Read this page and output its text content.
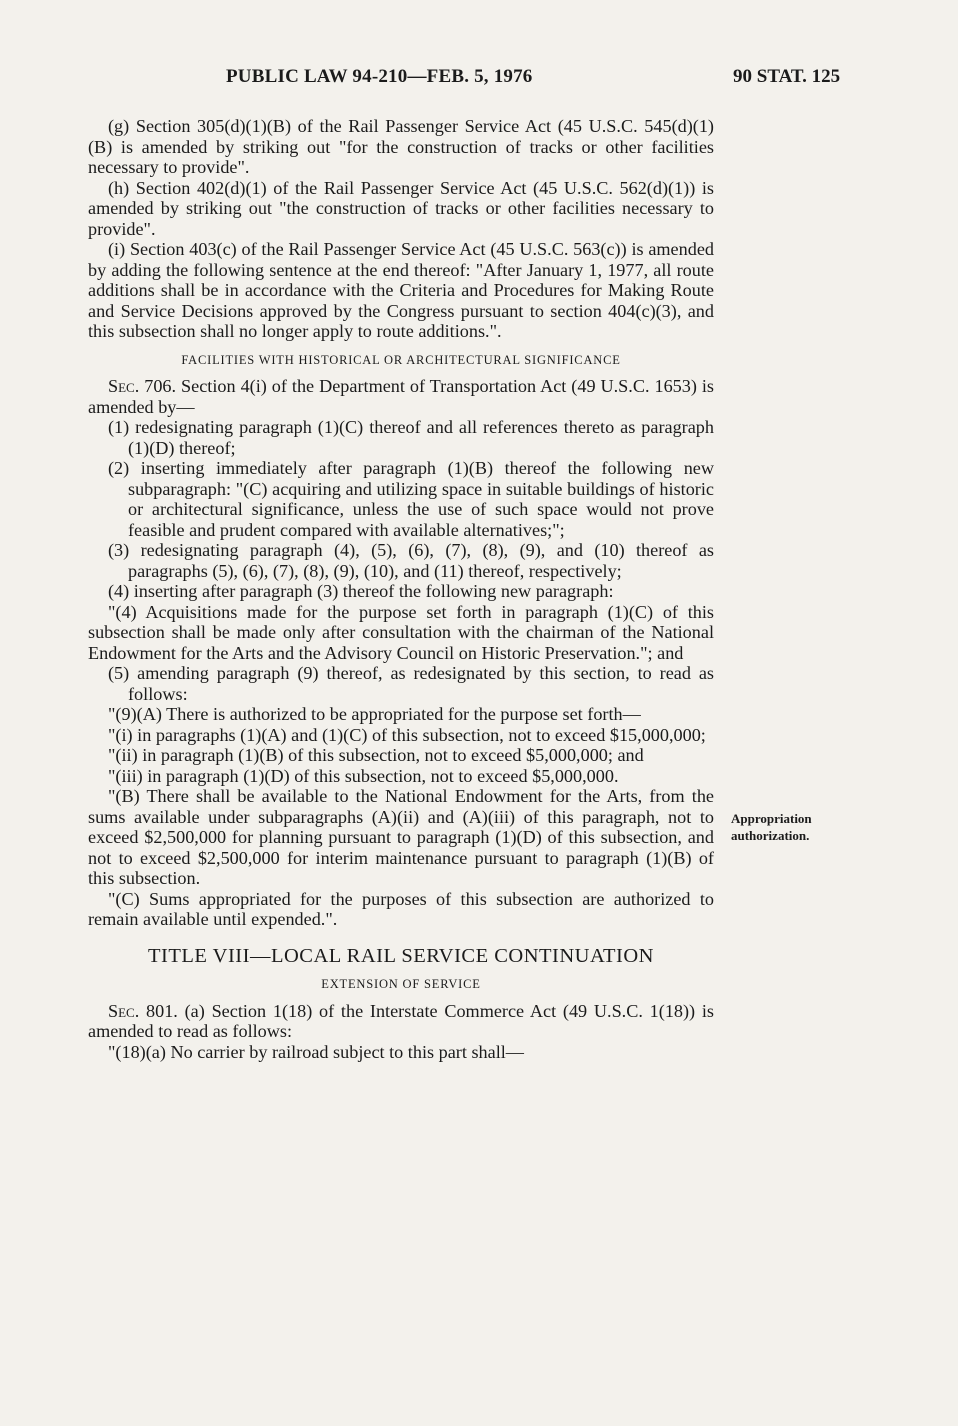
PUBLIC LAW 94-210—FEB. 5, 1976	90 STAT. 125

(g) Section 305(d)(1)(B) of the Rail Passenger Service Act (45 U.S.C. 545(d)(1)(B) is amended by striking out "for the construction of tracks or other facilities necessary to provide".

(h) Section 402(d)(1) of the Rail Passenger Service Act (45 U.S.C. 562(d)(1)) is amended by striking out "the construction of tracks or other facilities necessary to provide".

(i) Section 403(c) of the Rail Passenger Service Act (45 U.S.C. 563(c)) is amended by adding the following sentence at the end thereof: "After January 1, 1977, all route additions shall be in accordance with the Criteria and Procedures for Making Route and Service Decisions approved by the Congress pursuant to section 404(c)(3), and this subsection shall no longer apply to route additions.".

FACILITIES WITH HISTORICAL OR ARCHITECTURAL SIGNIFICANCE

Sec. 706. Section 4(i) of the Department of Transportation Act (49 U.S.C. 1653) is amended by—

(1) redesignating paragraph (1)(C) thereof and all references thereto as paragraph (1)(D) thereof;

(2) inserting immediately after paragraph (1)(B) thereof the following new subparagraph: "(C) acquiring and utilizing space in suitable buildings of historic or architectural significance, unless the use of such space would not prove feasible and prudent compared with available alternatives;";

(3) redesignating paragraph (4), (5), (6), (7), (8), (9), and (10) thereof as paragraphs (5), (6), (7), (8), (9), (10), and (11) thereof, respectively;

(4) inserting after paragraph (3) thereof the following new paragraph:

"(4) Acquisitions made for the purpose set forth in paragraph (1)(C) of this subsection shall be made only after consultation with the chairman of the National Endowment for the Arts and the Advisory Council on Historic Preservation."; and

(5) amending paragraph (9) thereof, as redesignated by this section, to read as follows:

"(9)(A) There is authorized to be appropriated for the purpose set forth—

"(i) in paragraphs (1)(A) and (1)(C) of this subsection, not to exceed $15,000,000;

"(ii) in paragraph (1)(B) of this subsection, not to exceed $5,000,000; and

"(iii) in paragraph (1)(D) of this subsection, not to exceed $5,000,000.

"(B) There shall be available to the National Endowment for the Arts, from the sums available under subparagraphs (A)(ii) and (A)(iii) of this paragraph, not to exceed $2,500,000 for planning pursuant to paragraph (1)(D) of this subsection, and not to exceed $2,500,000 for interim maintenance pursuant to paragraph (1)(B) of this subsection.

"(C) Sums appropriated for the purposes of this subsection are authorized to remain available until expended.".

TITLE VIII—LOCAL RAIL SERVICE CONTINUATION

EXTENSION OF SERVICE

Sec. 801. (a) Section 1(18) of the Interstate Commerce Act (49 U.S.C. 1(18)) is amended to read as follows:

"(18)(a) No carrier by railroad subject to this part shall—

Appropriation
authorization.
